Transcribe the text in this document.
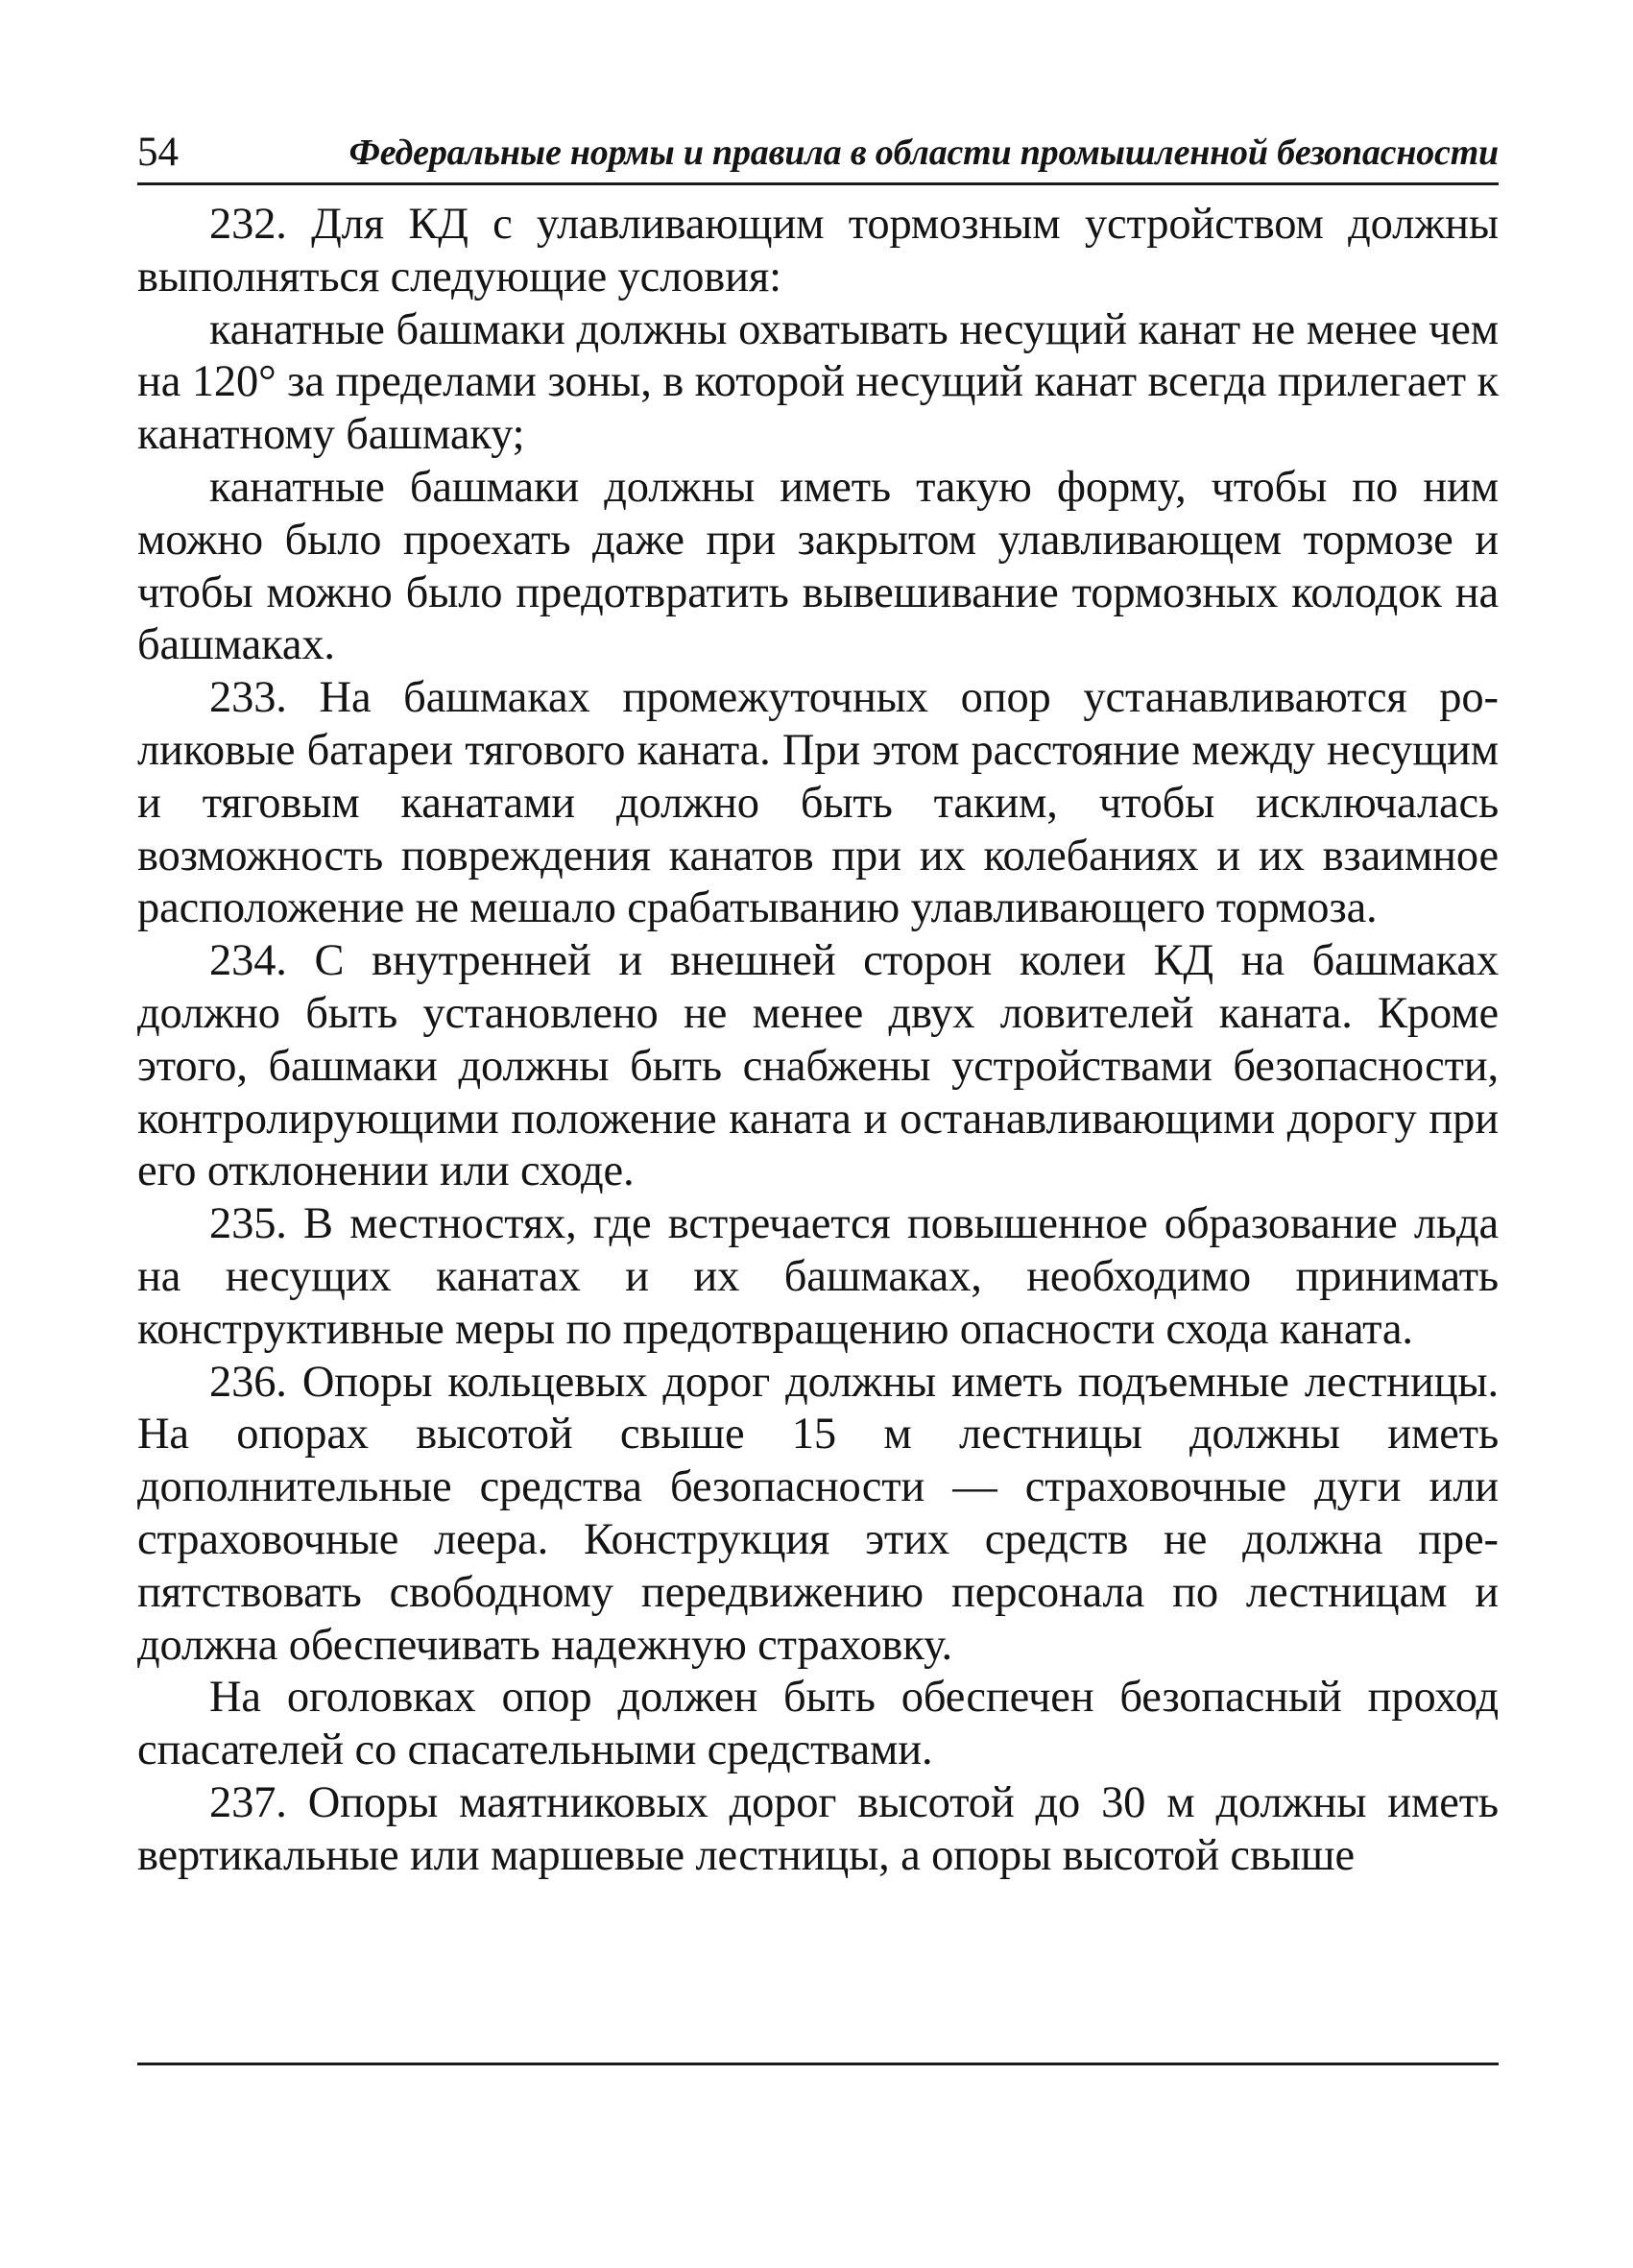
54	Федеральные нормы и правила в области промышленной безопасности

232. Для КД с улавливающим тормозным устройством должны выполняться следующие условия:

канатные башмаки должны охватывать несущий канат не менее чем на 120° за пределами зоны, в которой несущий канат всегда прилегает к канатному башмаку;

канатные башмаки должны иметь такую форму, чтобы по ним можно было проехать даже при закрытом улавливающем тормозе и чтобы можно было предотвратить вывешивание тормозных колодок на башмаках.

233. На башмаках промежуточных опор устанавливаются роликовые батареи тягового каната. При этом расстояние между несущим и тяговым канатами должно быть таким, чтобы исключалась возможность повреждения канатов при их колебаниях и их взаимное расположение не мешало срабатыванию улавливающего тормоза.

234. С внутренней и внешней сторон колеи КД на башмаках должно быть установлено не менее двух ловителей каната. Кроме этого, башмаки должны быть снабжены устройствами безопасности, контролирующими положение каната и останавливающими дорогу при его отклонении или сходе.

235. В местностях, где встречается повышенное образование льда на несущих канатах и их башмаках, необходимо принимать конструктивные меры по предотвращению опасности схода каната.

236. Опоры кольцевых дорог должны иметь подъемные лестницы. На опорах высотой свыше 15 м лестницы должны иметь дополнительные средства безопасности — страховочные дуги или страховочные леера. Конструкция этих средств не должна препятствовать свободному передвижению персонала по лестницам и должна обеспечивать надежную страховку.

На оголовках опор должен быть обеспечен безопасный проход спасателей со спасательными средствами.

237. Опоры маятниковых дорог высотой до 30 м должны иметь вертикальные или маршевые лестницы, а опоры высотой свыше
